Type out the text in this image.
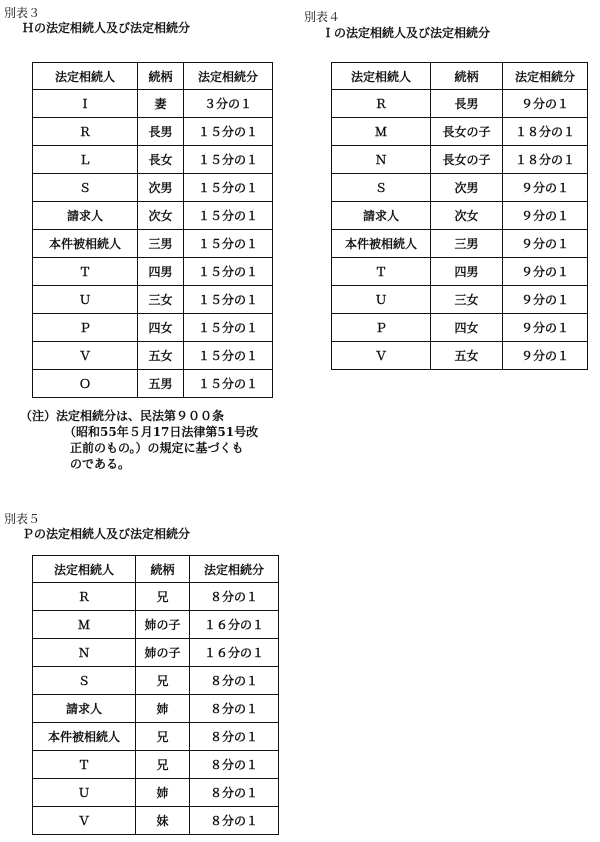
別表３
Ｈの法定相続人及び法定相続分
法定相続人	続柄	法定相続分
Ｉ	妻	３分の１
Ｒ	長男	１５分の１
Ｌ	長女	１５分の１
Ｓ	次男	１５分の１
請求人	次女	１５分の１
本件被相続人	三男	１５分の１
Ｔ	四男	１５分の１
Ｕ	三女	１５分の１
Ｐ	四女	１５分の１
Ｖ	五女	１５分の１
Ｏ	五男	１５分の１
別表４
Ｉの法定相続人及び法定相続分
法定相続人	続柄	法定相続分
Ｒ	長男	９分の１
Ｍ	長女の子	１８分の１
Ｎ	長女の子	１８分の１
Ｓ	次男	９分の１
請求人	次女	９分の１
本件被相続人	三男	９分の１
Ｔ	四男	９分の１
Ｕ	三女	９分の１
Ｐ	四女	９分の１
Ｖ	五女	９分の１
（注）法定相続分は、民法第９００条
（昭和55年５月17日法律第51号改
正前のもの。）の規定に基づくも
のである。
別表５
Ｐの法定相続人及び法定相続分
法定相続人	続柄	法定相続分
Ｒ	兄	８分の１
Ｍ	姉の子	１６分の１
Ｎ	姉の子	１６分の１
Ｓ	兄	８分の１
請求人	姉	８分の１
本件被相続人	兄	８分の１
Ｔ	兄	８分の１
Ｕ	姉	８分の１
Ｖ	妹	８分の１
